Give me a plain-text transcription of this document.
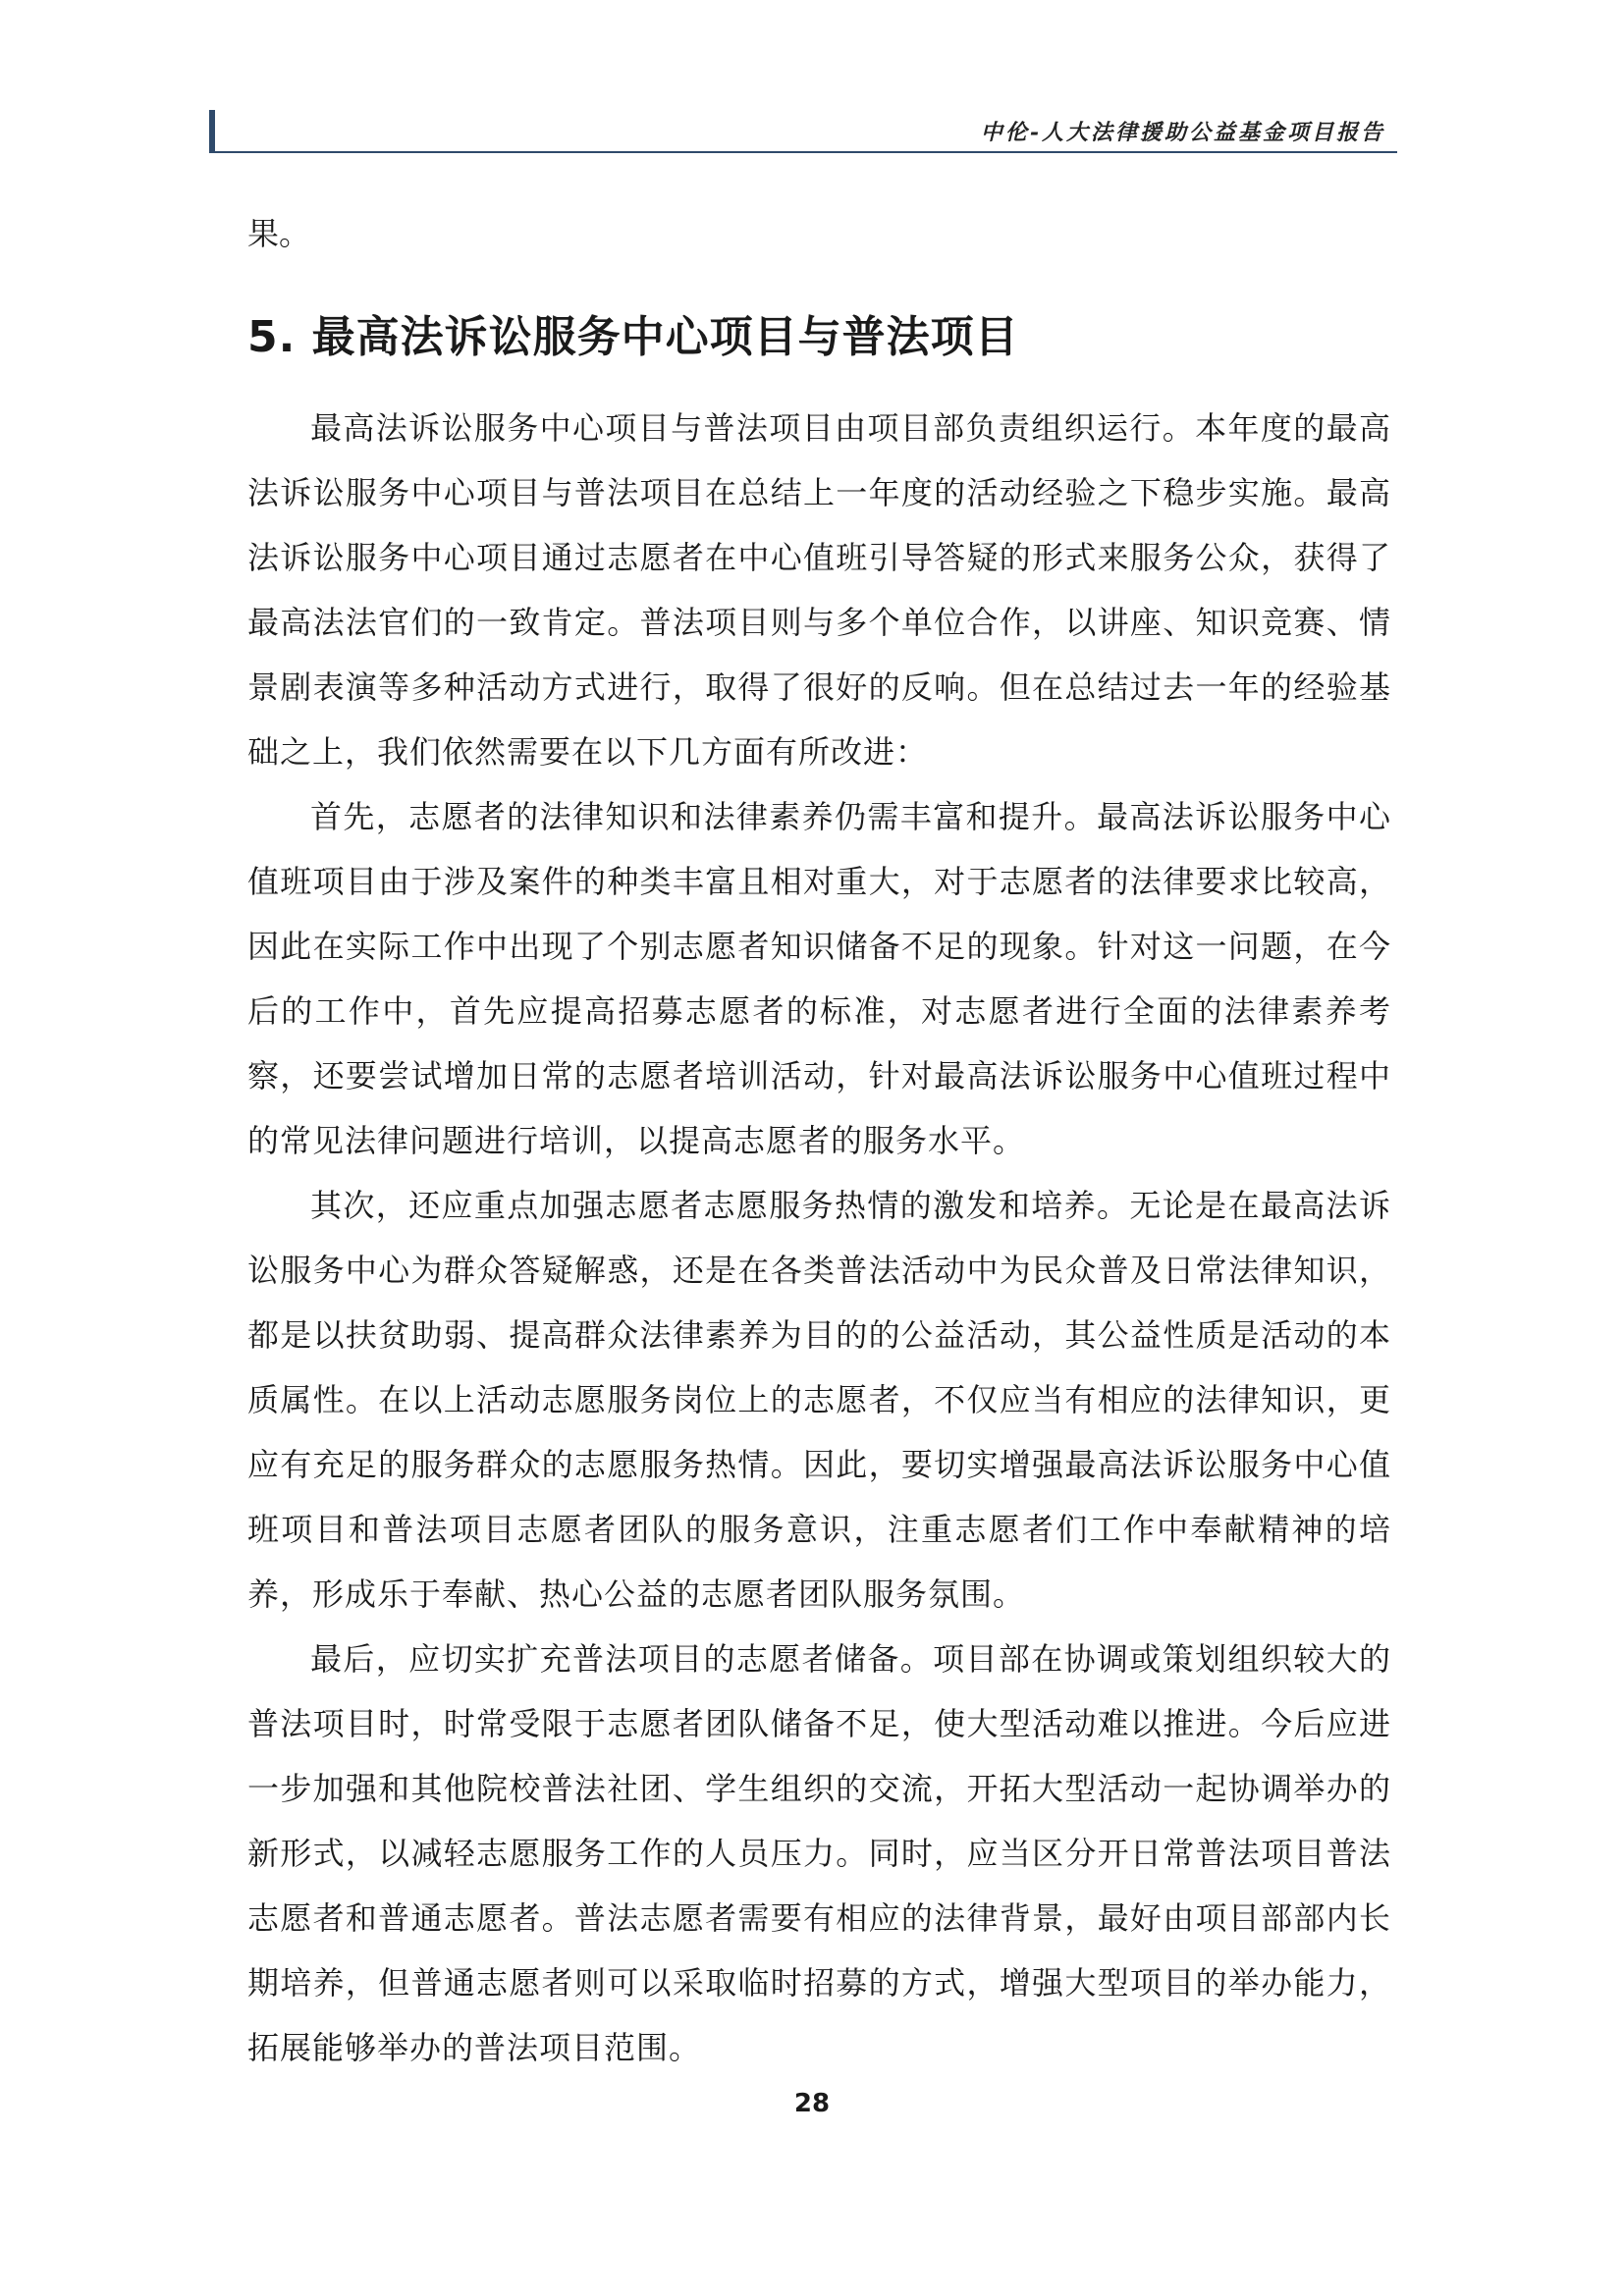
中伦-人大法律援助公益基金项目报告

果。

5. 最高法诉讼服务中心项目与普法项目

最高法诉讼服务中心项目与普法项目由项目部负责组织运行。本年度的最高法诉讼服务中心项目与普法项目在总结上一年度的活动经验之下稳步实施。最高法诉讼服务中心项目通过志愿者在中心值班引导答疑的形式来服务公众，获得了最高法法官们的一致肯定。普法项目则与多个单位合作，以讲座、知识竞赛、情景剧表演等多种活动方式进行，取得了很好的反响。但在总结过去一年的经验基础之上，我们依然需要在以下几方面有所改进：

首先，志愿者的法律知识和法律素养仍需丰富和提升。最高法诉讼服务中心值班项目由于涉及案件的种类丰富且相对重大，对于志愿者的法律要求比较高，因此在实际工作中出现了个别志愿者知识储备不足的现象。针对这一问题，在今后的工作中，首先应提高招募志愿者的标准，对志愿者进行全面的法律素养考察，还要尝试增加日常的志愿者培训活动，针对最高法诉讼服务中心值班过程中的常见法律问题进行培训，以提高志愿者的服务水平。

其次，还应重点加强志愿者志愿服务热情的激发和培养。无论是在最高法诉讼服务中心为群众答疑解惑，还是在各类普法活动中为民众普及日常法律知识，都是以扶贫助弱、提高群众法律素养为目的的公益活动，其公益性质是活动的本质属性。在以上活动志愿服务岗位上的志愿者，不仅应当有相应的法律知识，更应有充足的服务群众的志愿服务热情。因此，要切实增强最高法诉讼服务中心值班项目和普法项目志愿者团队的服务意识，注重志愿者们工作中奉献精神的培养，形成乐于奉献、热心公益的志愿者团队服务氛围。

最后，应切实扩充普法项目的志愿者储备。项目部在协调或策划组织较大的普法项目时，时常受限于志愿者团队储备不足，使大型活动难以推进。今后应进一步加强和其他院校普法社团、学生组织的交流，开拓大型活动一起协调举办的新形式，以减轻志愿服务工作的人员压力。同时，应当区分开日常普法项目普法志愿者和普通志愿者。普法志愿者需要有相应的法律背景，最好由项目部部内长期培养，但普通志愿者则可以采取临时招募的方式，增强大型项目的举办能力，拓展能够举办的普法项目范围。

28
